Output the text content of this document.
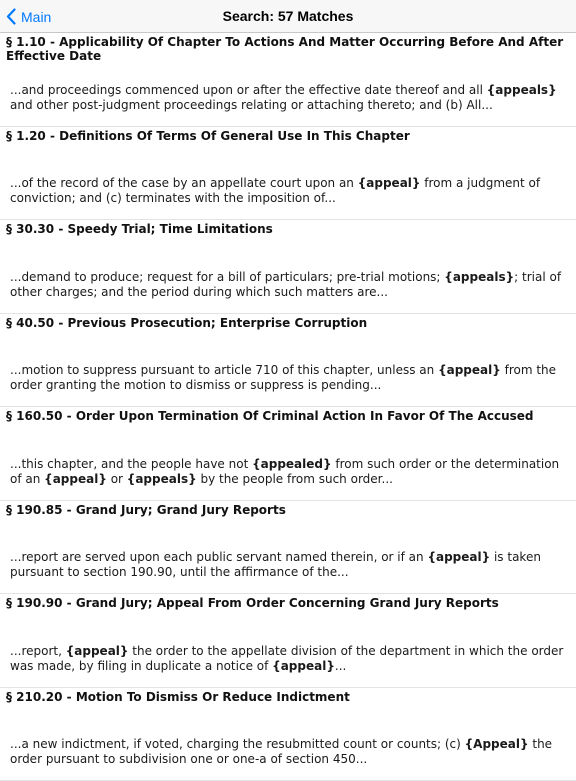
Main	Search: 57 Matches
§ 1.10 - Applicability Of Chapter To Actions And Matter Occurring Before And After Effective Date
...and proceedings commenced upon or after the effective date thereof and all {appeals} and other post-judgment proceedings relating or attaching thereto; and (b) All...
§ 1.20 - Definitions Of Terms Of General Use In This Chapter
...of the record of the case by an appellate court upon an {appeal} from a judgment of conviction; and (c) terminates with the imposition of...
§ 30.30 - Speedy Trial; Time Limitations
...demand to produce; request for a bill of particulars; pre-trial motions; {appeals}; trial of other charges; and the period during which such matters are...
§ 40.50 - Previous Prosecution; Enterprise Corruption
...motion to suppress pursuant to article 710 of this chapter, unless an {appeal} from the order granting the motion to dismiss or suppress is pending...
§ 160.50 - Order Upon Termination Of Criminal Action In Favor Of The Accused
...this chapter, and the people have not {appealed} from such order or the determination of an {appeal} or {appeals} by the people from such order...
§ 190.85 - Grand Jury; Grand Jury Reports
...report are served upon each public servant named therein, or if an {appeal} is taken pursuant to section 190.90, until the affirmance of the...
§ 190.90 - Grand Jury; Appeal From Order Concerning Grand Jury Reports
...report, {appeal} the order to the appellate division of the department in which the order was made, by filing in duplicate a notice of {appeal}...
§ 210.20 - Motion To Dismiss Or Reduce Indictment
...a new indictment, if voted, charging the resubmitted count or counts; (c) {Appeal} the order pursuant to subdivision one or one-a of section 450...
